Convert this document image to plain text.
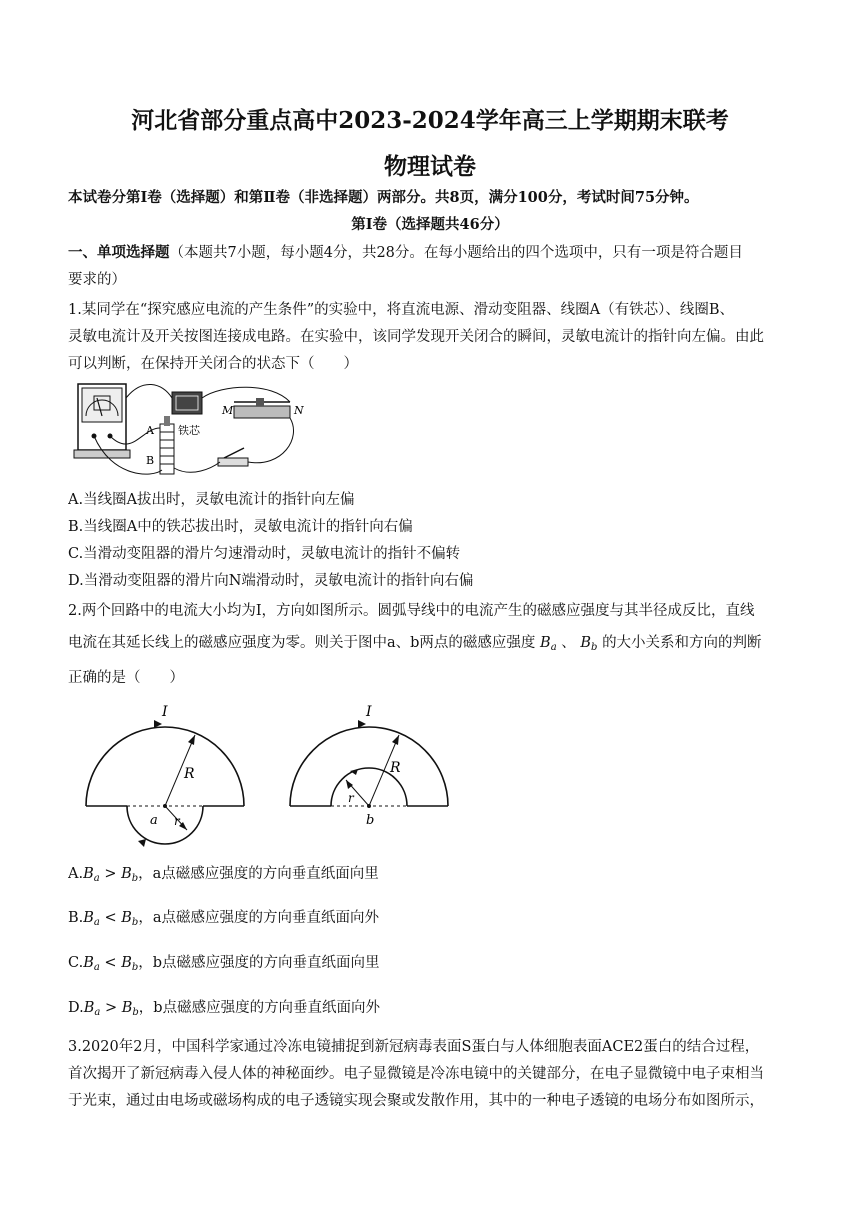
河北省部分重点高中2023-2024学年高三上学期期末联考
物理试卷
本试卷分第Ⅰ卷（选择题）和第Ⅱ卷（非选择题）两部分。共8页，满分100分，考试时间75分钟。
第Ⅰ卷（选择题共46分）
一、单项选择题（本题共7小题，每小题4分，共28分。在每小题给出的四个选项中，只有一项是符合题目
要求的）
1.某同学在“探究感应电流的产生条件”的实验中，将直流电源、滑动变阻器、线圈A（有铁芯）、线圈B、
灵敏电流计及开关按图连接成电路。在实验中，该同学发现开关闭合的瞬间，灵敏电流计的指针向左偏。由此
可以判断，在保持开关闭合的状态下（　　）
A
B
铁芯
M	N
A.当线圈A拔出时，灵敏电流计的指针向左偏
B.当线圈A中的铁芯拔出时，灵敏电流计的指针向右偏
C.当滑动变阻器的滑片匀速滑动时，灵敏电流计的指针不偏转
D.当滑动变阻器的滑片向N端滑动时，灵敏电流计的指针向右偏
2.两个回路中的电流大小均为I，方向如图所示。圆弧导线中的电流产生的磁感应强度与其半径成反比，直线
电流在其延长线上的磁感应强度为零。则关于图中a、b两点的磁感应强度 $B_a$ 、 $B_b$ 的大小关系和方向的判断
正确的是（　　）
I
R
r
a
I
R
r
b
$A.B_a > B_b$，a点磁感应强度的方向垂直纸面向里
$B.B_a < B_b$，a点磁感应强度的方向垂直纸面向外
$C.B_a < B_b$，b点磁感应强度的方向垂直纸面向里
$D.B_a > B_b$，b点磁感应强度的方向垂直纸面向外
3.2020年2月，中国科学家通过冷冻电镜捕捉到新冠病毒表面S蛋白与人体细胞表面ACE2蛋白的结合过程，
首次揭开了新冠病毒入侵人体的神秘面纱。电子显微镜是冷冻电镜中的关键部分，在电子显微镜中电子束相当
于光束，通过由电场或磁场构成的电子透镜实现会聚或发散作用，其中的一种电子透镜的电场分布如图所示，
